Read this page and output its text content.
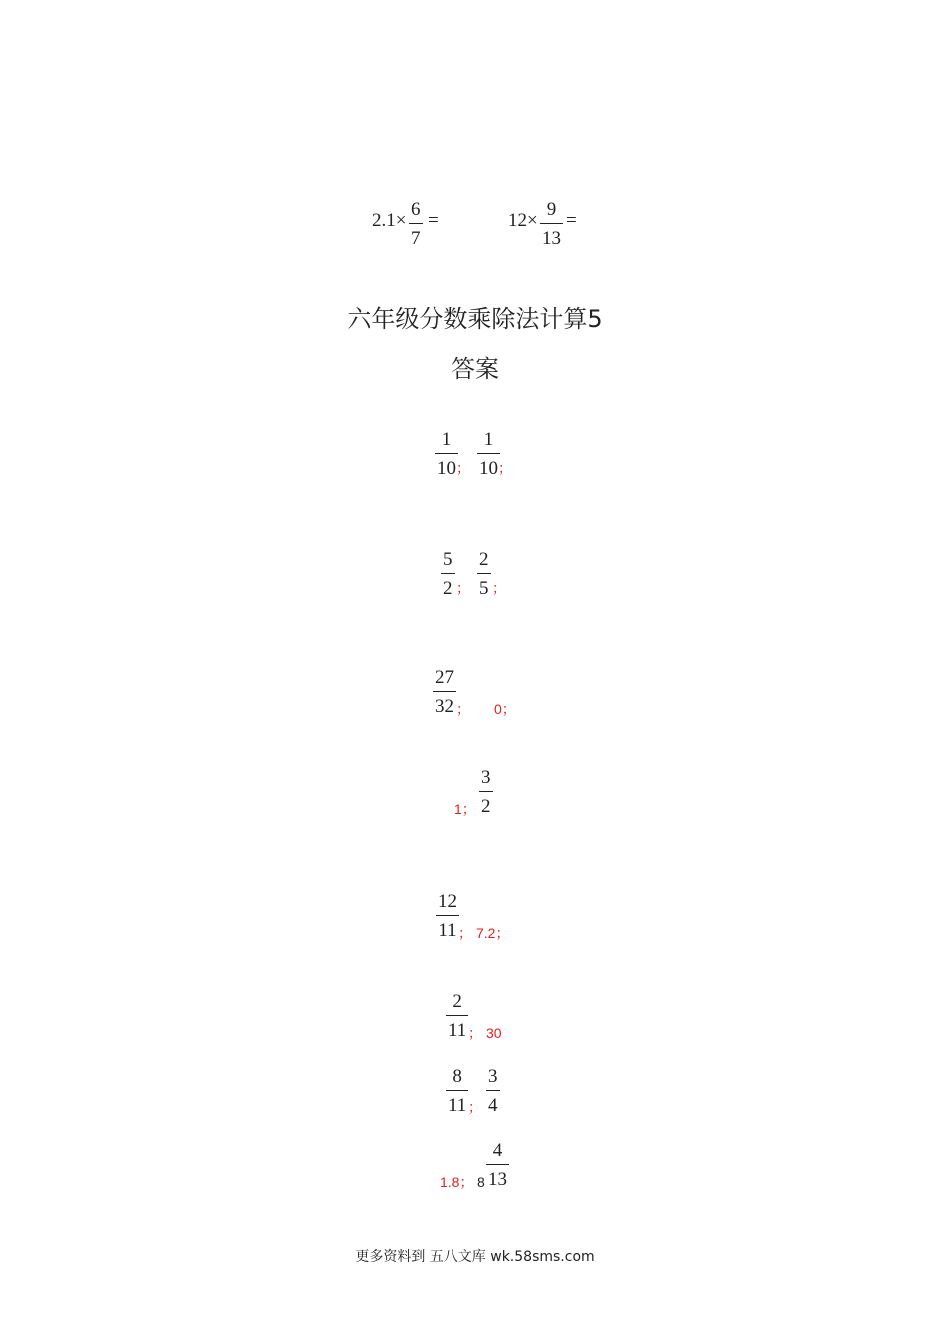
2.1×
6
7
=	12×
9
13
=
六年级分数乘除法计算5
答案
1
10 ；
1
10 ；
5
2 ；
2
5 ；
27
32 ； 0；
1；
3
2
12
11 ； 7.2；
2
11 ； 30
8
11 ；
3
4
1.8； 8
4
13
更多资料到 五八文库 wk.58sms.com
